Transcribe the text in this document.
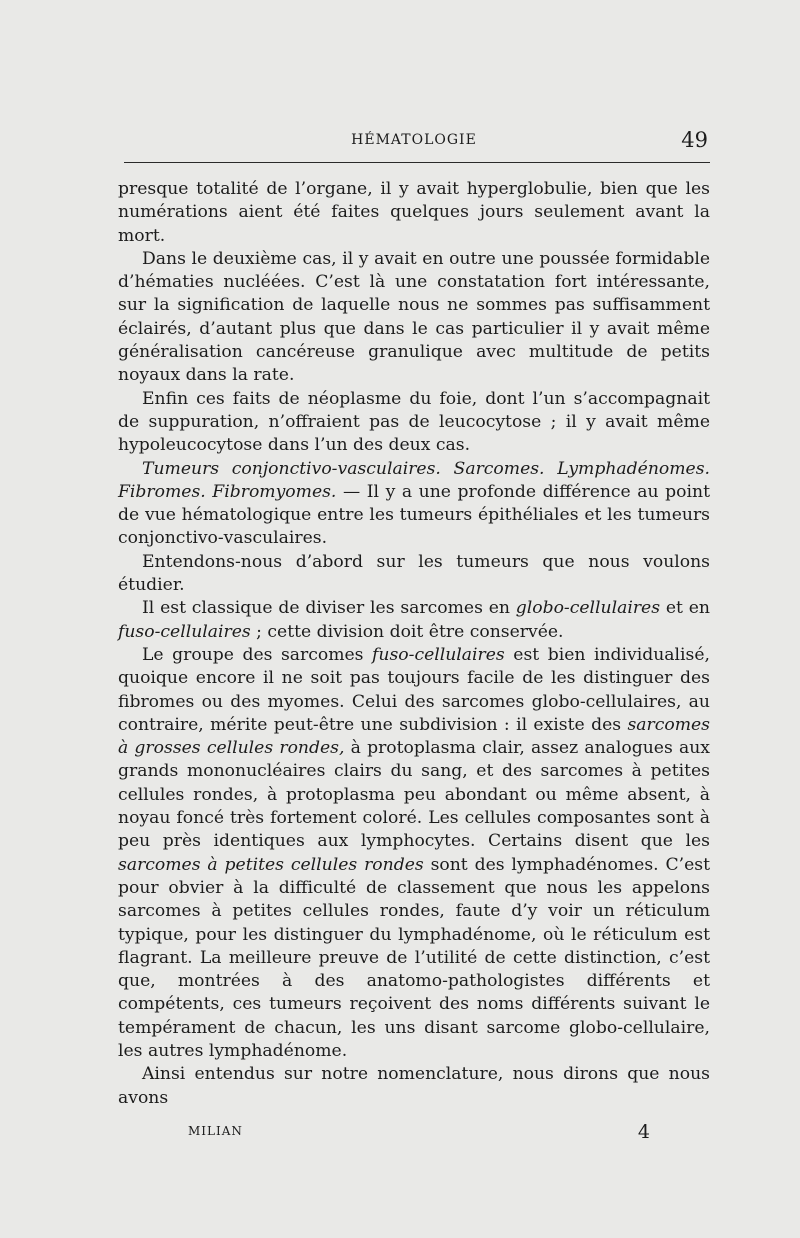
HÉMATOLOGIE	49

presque totalité de l’organe, il y avait hyperglobulie, bien que les numérations aient été faites quelques jours seulement avant la mort.

Dans le deuxième cas, il y avait en outre une poussée formidable d’hématies nucléées. C’est là une constatation fort intéressante, sur la signification de laquelle nous ne sommes pas suffisamment éclairés, d’autant plus que dans le cas particulier il y avait même généralisation cancéreuse granulique avec multitude de petits noyaux dans la rate.

Enfin ces faits de néoplasme du foie, dont l’un s’accompagnait de suppuration, n’offraient pas de leucocytose ; il y avait même hypoleucocytose dans l’un des deux cas.

Tumeurs conjonctivo-vasculaires. Sarcomes. Lymphadénomes. Fibromes. Fibromyomes. — Il y a une profonde différence au point de vue hématologique entre les tumeurs épithéliales et les tumeurs conjonctivo-vasculaires.

Entendons-nous d’abord sur les tumeurs que nous voulons étudier.

Il est classique de diviser les sarcomes en globo-cellulaires et en fuso-cellulaires ; cette division doit être conservée.

Le groupe des sarcomes fuso-cellulaires est bien individualisé, quoique encore il ne soit pas toujours facile de les distinguer des fibromes ou des myomes. Celui des sarcomes globo-cellulaires, au contraire, mérite peut-être une subdivision : il existe des sarcomes à grosses cellules rondes, à protoplasma clair, assez analogues aux grands mononucléaires clairs du sang, et des sarcomes à petites cellules rondes, à protoplasma peu abondant ou même absent, à noyau foncé très fortement coloré. Les cellules composantes sont à peu près identiques aux lymphocytes. Certains disent que les sarcomes à petites cellules rondes sont des lymphadénomes. C’est pour obvier à la difficulté de classement que nous les appelons sarcomes à petites cellules rondes, faute d’y voir un réticulum typique, pour les distinguer du lymphadénome, où le réticulum est flagrant. La meilleure preuve de l’utilité de cette distinction, c’est que, montrées à des anatomo-pathologistes différents et compétents, ces tumeurs reçoivent des noms différents suivant le tempérament de chacun, les uns disant sarcome globo-cellulaire, les autres lymphadénome.

Ainsi entendus sur notre nomenclature, nous dirons que nous avons

MILIAN	4
